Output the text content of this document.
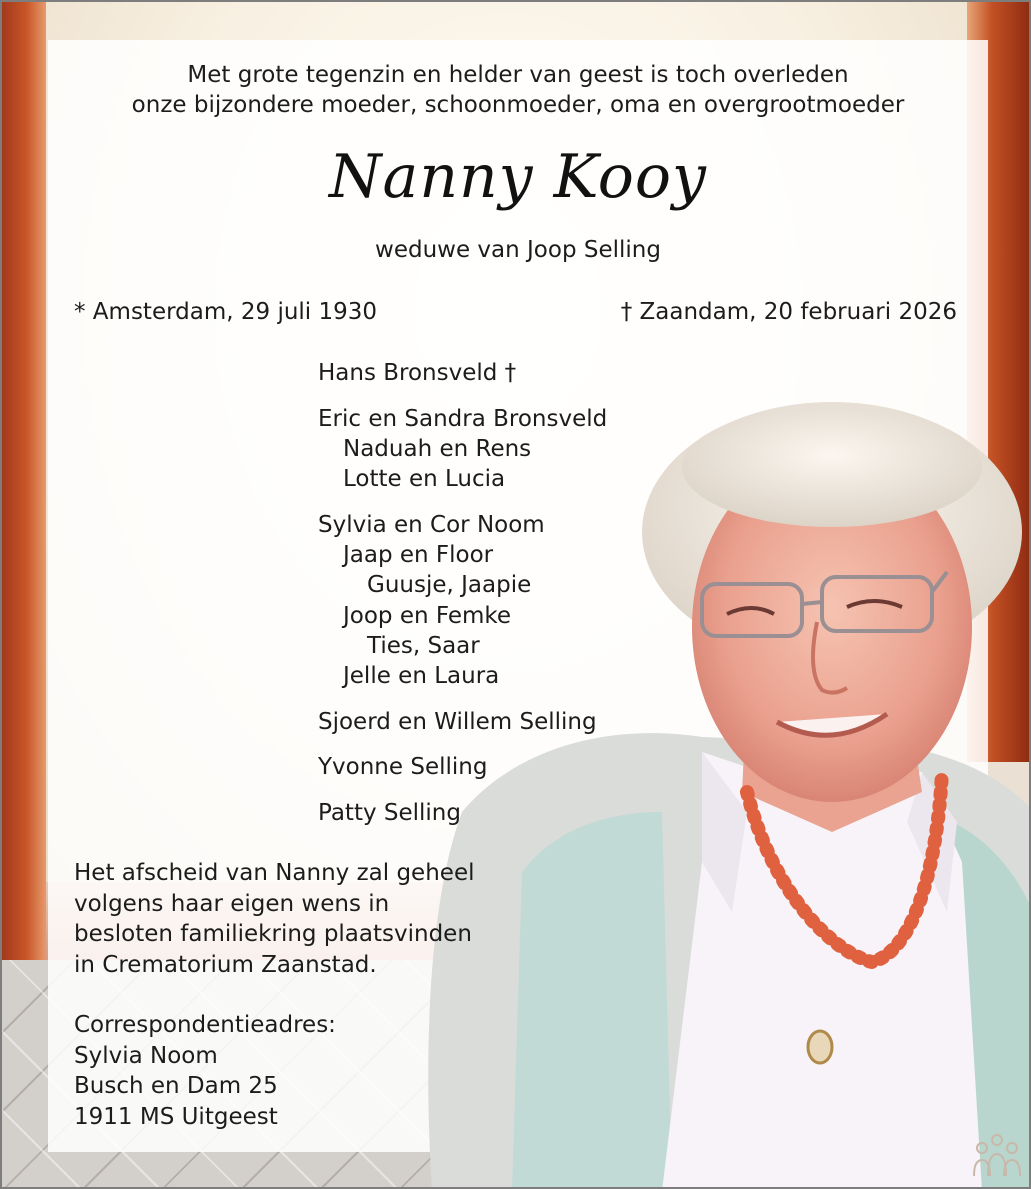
Met grote tegenzin en helder van geest is toch overleden
onze bijzondere moeder, schoonmoeder, oma en overgrootmoeder
Nanny Kooy
weduwe van Joop Selling
* Amsterdam, 29 juli 1930	† Zaandam, 20 februari 2026
Hans Bronsveld †
Eric en Sandra Bronsveld
Naduah en Rens
Lotte en Lucia
Sylvia en Cor Noom
Jaap en Floor
Guusje, Jaapie
Joop en Femke
Ties, Saar
Jelle en Laura
Sjoerd en Willem Selling
Yvonne Selling
Patty Selling
Het afscheid van Nanny zal geheel
volgens haar eigen wens in
besloten familiekring plaatsvinden
in Crematorium Zaanstad.
Correspondentieadres:
Sylvia Noom
Busch en Dam 25
1911 MS Uitgeest
